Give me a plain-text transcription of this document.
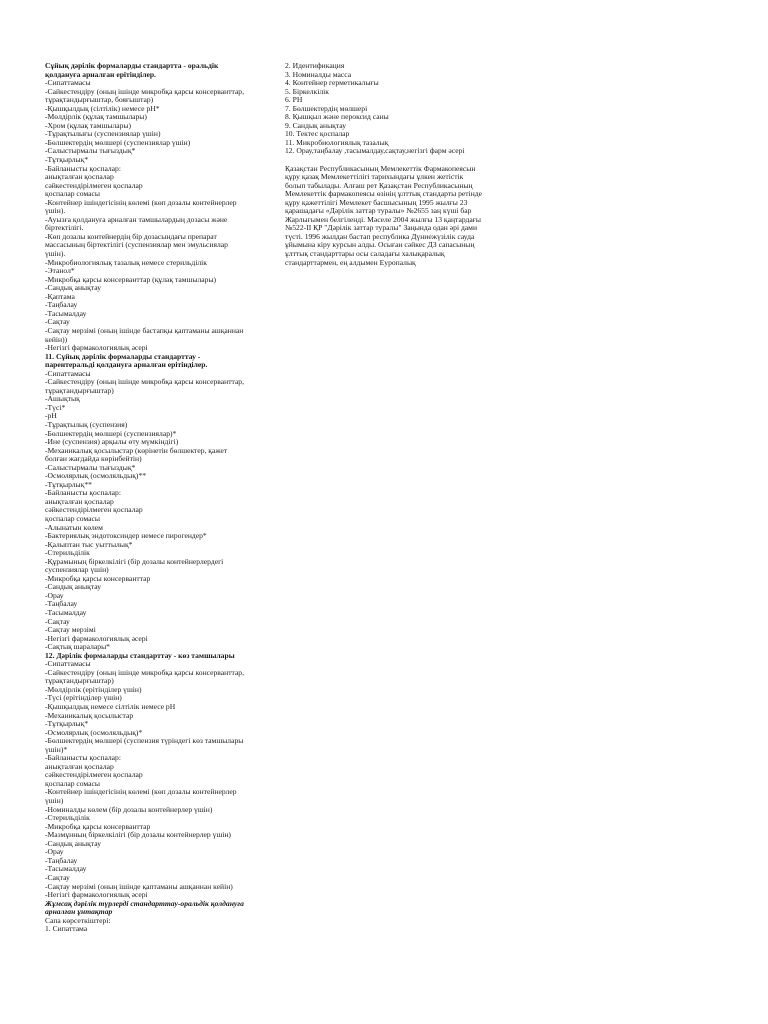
Сұйық дәрілік формаларды стандартта - оральдік қолдануға арналған ерітінділер.
-Сипаттамасы
-Сайкестендіру (оның ішінде микробқа қарсы консерванттар, тұрақтандырғыштар, бояғыштар)
-Қышқылдық (сілтілік) немесе рН*
-Мөлдірлік (құлақ тамшылары)
-Хром (құлақ тамшылары)
-Тұрақтылығы (суспензиялар үшін)
-Бөлшектердің мөлшері (суспензиялар үшін)
-Салыстырмалы тығыздық*
-Тұтқырлық*
-Байланысты қоспалар:
анықталған қоспалар
сәйкестендірілмеген қоспалар
қоспалар сомасы
-Контейнер ішіндегісінің көлемі (көп дозалы контейнерлер үшін).
-Ауызға қолдануға арналған тамшылардың дозасы және біртектілігі.
-Көп дозалы контейнердің бір дозасындағы препарат массасының біртектілігі (суспензиялар мен эмульсиялар үшін).
-Микробиологиялық тазалық немесе стерильділік
-Этанол*
-Микробқа қарсы консерванттар (құлақ тамшылары)
-Сандық анықтау
-Қаптама
-Таңбалау
-Тасымалдау
-Сақтау
-Сақтау мерзімі (оның ішінде бастапқы қаптаманы ашқаннан кейін))
-Негізгі фармакологиялық әсері
11. Сұйық дәрілік формаларды стандарттау - парентеральді қолдануға арналған ерітінділер.
-Сипаттамасы
-Сайкестендіру (оның ішінде микробқа қарсы консерванттар, тұрақтандырғыштар)
-Ашықтық
-Түсі*
-рН
-Тұрақтылық (суспензия)
-Бөлшектердің мөлшері (суспензиялар)*
-Ине (суспензия) арқылы өту мүмкіндігі)
-Механикалық қосылыстар (көрінетін бөлшектер, қажет болған жағдайда көрінбейтін)
-Салыстырмалы тығыздық*
-Осмолярлық (осмоляльдық)**
-Тұтқырлық**
-Байланысты қоспалар:
анықталған қоспалар
сәйкестендірілмеген қоспалар
қоспалар сомасы
-Алынатын көлем
-Бактериялық эндотоксиндер немесе пирогендер*
-Қалыптан тыс уыттылық*
-Стерильділік
-Құрамының біркелкілігі (бір дозалы контейнерлердегі суспензиялар үшін)
-Микробқа қарсы консерванттар
-Сандық анықтау
-Орау
-Таңбалау
-Тасымалдау
-Сақтау
-Сақтау мерзімі
-Негізгі фармакологиялық әсері
-Сақтық шаралары*
12. Дәрілік формаларды стандарттау - көз тамшылары
-Сипаттамасы
-Сайкестендіру (оның ішінде микробқа қарсы консерванттар, тұрақтандырғыштар)
-Мөлдірлік (ерітінділер үшін)
-Түсі (ерітінділер үшін)
-Қышқылдық немесе сілтілік немесе рН
-Механикалық қосылыстар
-Тұтқырлық*
-Осмолярлық (осмоляльдық)*
-Бөлшектердің мөлшері (суспензия түріндегі көз тамшылары үшін)*
-Байланысты қоспалар:
анықталған қоспалар
сәйкестендірілмеген қоспалар
қоспалар сомасы
-Контейнер ішіндегісінің көлемі (көп дозалы контейнерлер үшін)
-Номиналды көлем (бір дозалы контейнерлер үшін)
-Стерильділік
-Микробқа қарсы консерванттар
-Мазмұнның біркелкілігі (бір дозалы контейнерлер үшін)
-Сандық анықтау
-Орау
-Таңбалау
-Тасымалдау
-Сақтау
-Сақтау мерзімі (оның ішінде қаптаманы ашқаннан кейін)
-Негізгі фармакологиялық әсері
Жұмсақ дәрілік түрлерді стандарттау-оральдік қолдануға арналған ұнтақтар
Сапа көрсеткіштері:
1. Сипаттама
2. Идентификация
3. Номиналды масса
4. Контейнер герметикалығы
5. Біркелкілік
6. РН
7. Бөлшектердің мөлшері
8. Қышқыл және пероксид саны
9. Сандық анықтау
10. Тектес қоспалар
11. Микробиологиялық тазалық
12. Орау,таңбалау ,тасымалдау,сақтау,негізгі фарм әсері
Қазақстан Республикасының Мемлекеттік Фармакопеясын құру қазақ Мемлекеттілігі тарихындағы ұлкен жетістік болып табылады. Алғаш рет Қазақстан Республикасының Мемлекеттік фармакопеясы өзінің ұлттық стандарты ретінде құру қажеттілігі Мемлекет басшысының 1995 жылғы 23 қарашадағы «Дәрілік заттар туралы» №2655 заң күші бар Жарлығымен белгіленді. Мәселе 2004 жылғы 13 қаңтардағы №522-ІІ ҚР "Дәрілік заттар туралы" Заңында одан әрі дами түсті. 1996 жылдан бастап республика Дүниежүзілік сауда ұйымына кіру курсын алды. Осыған сәйкес ДЗ сапасының ұлттық стандарттары осы саладағы халықаралық стандарттармен, ең алдымен Еуропалық
